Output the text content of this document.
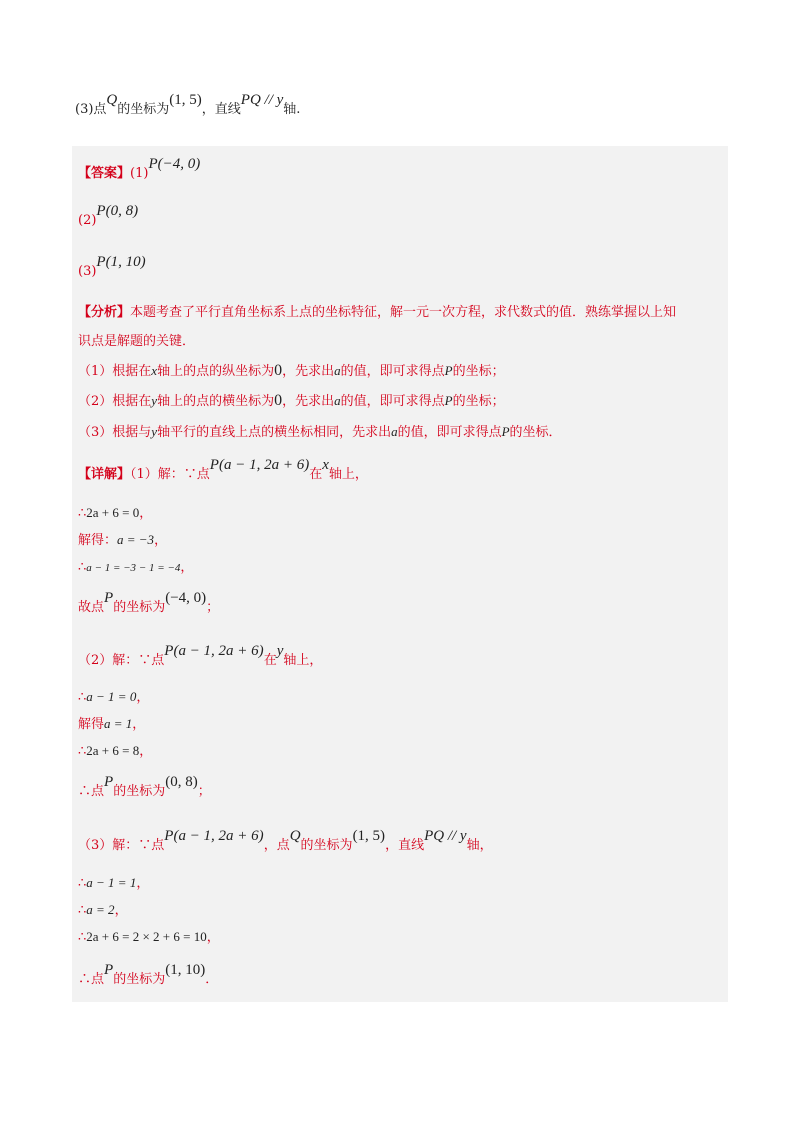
(3)点Q的坐标为(1, 5)，直线PQ // y轴.
【答案】(1)P(−4, 0)
(2)P(0, 8)
(3)P(1, 10)
【分析】本题考查了平行直角坐标系上点的坐标特征，解一元一次方程，求代数式的值．熟练掌握以上知
识点是解题的关键．
（1）根据在x轴上的点的纵坐标为0，先求出a的值，即可求得点P的坐标；
（2）根据在y轴上的点的横坐标为0，先求出a的值，即可求得点P的坐标；
（3）根据与y轴平行的直线上点的横坐标相同，先求出a的值，即可求得点P的坐标．
【详解】（1）解：∵点P(a − 1, 2a + 6)在x轴上，
∴2a + 6 = 0，
解得：a = −3，
∴a − 1 = −3 − 1 = −4，
故点P的坐标为(−4, 0)；
（2）解：∵点P(a − 1, 2a + 6)在y轴上，
∴a − 1 = 0，
解得a = 1，
∴2a + 6 = 8，
∴点P的坐标为(0, 8)；
（3）解：∵点P(a − 1, 2a + 6)，点Q的坐标为(1, 5)，直线PQ // y轴，
∴a − 1 = 1，
∴a = 2，
∴2a + 6 = 2 × 2 + 6 = 10，
∴点P的坐标为(1, 10)．
